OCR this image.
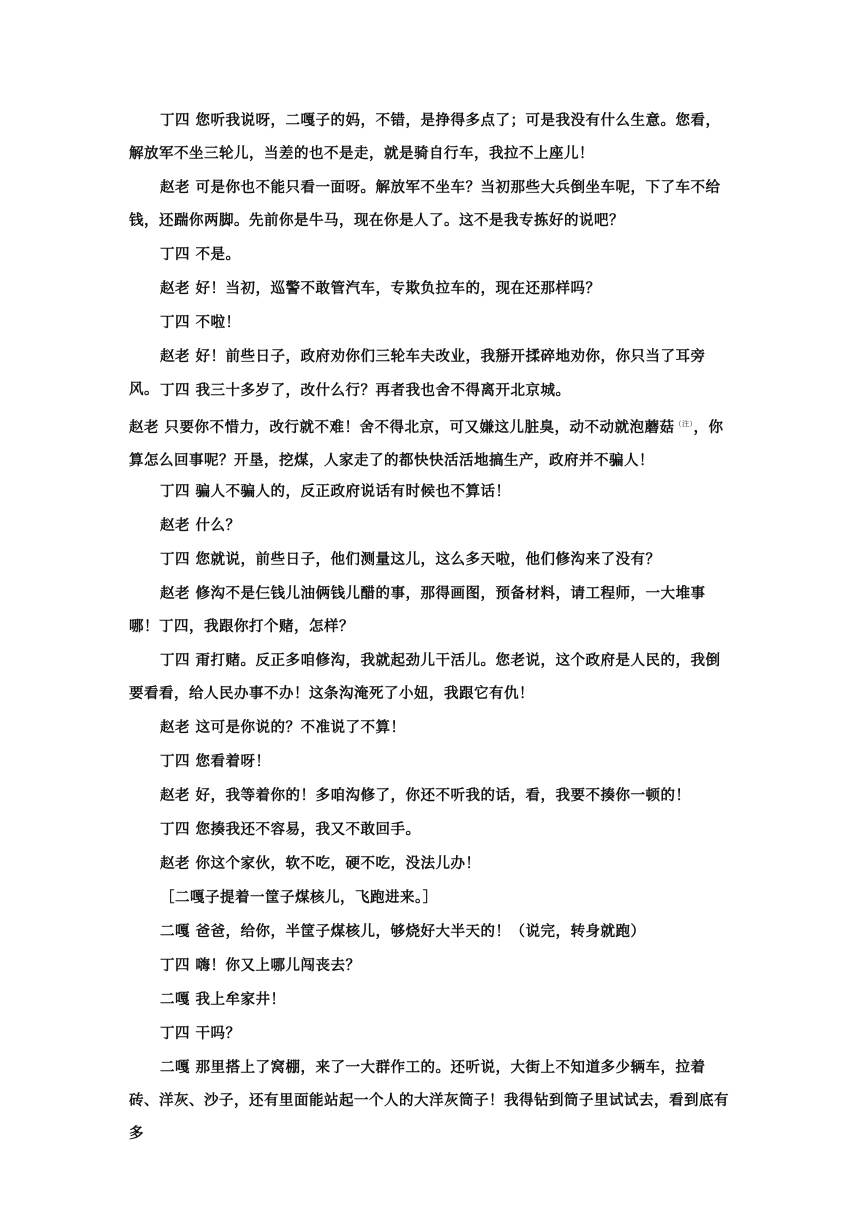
丁四 您听我说呀，二嘎子的妈，不错，是挣得多点了；可是我没有什么生意。您看，解放军不坐三轮儿，当差的也不是走，就是骑自行车，我拉不上座儿！

赵老 可是你也不能只看一面呀。解放军不坐车？当初那些大兵倒坐车呢，下了车不给钱，还踹你两脚。先前你是牛马，现在你是人了。这不是我专拣好的说吧？

丁四 不是。

赵老 好！当初，巡警不敢管汽车，专欺负拉车的，现在还那样吗？

丁四 不啦！

赵老 好！前些日子，政府劝你们三轮车夫改业，我掰开揉碎地劝你，你只当了耳旁风。 丁四 我三十多岁了，改什么行？再者我也舍不得离开北京城。

赵老 只要你不惜力，改行就不难！舍不得北京，可又嫌这儿脏臭，动不动就泡蘑菇$^{(注)}$，你算怎么回事呢？开垦，挖煤，人家走了的都快快活活地搞生产，政府并不骗人！

丁四 骗人不骗人的，反正政府说话有时候也不算话！

赵老 什么？

丁四 您就说，前些日子，他们测量这儿，这么多天啦，他们修沟来了没有？

赵老 修沟不是仨钱儿油俩钱儿醋的事，那得画图，预备材料，请工程师，一大堆事哪！丁四，我跟你打个赌，怎样？

丁四 甭打赌。反正多咱修沟，我就起劲儿干活儿。您老说，这个政府是人民的，我倒要看看，给人民办事不办！这条沟淹死了小妞，我跟它有仇！

赵老 这可是你说的？不准说了不算！

丁四 您看着呀！

赵老 好，我等着你的！多咱沟修了，你还不听我的话，看，我要不揍你一顿的！

丁四 您揍我还不容易，我又不敢回手。

赵老 你这个家伙，软不吃，硬不吃，没法儿办！

［二嘎子提着一筐子煤核儿，飞跑进来。］

二嘎 爸爸，给你，半筐子煤核儿，够烧好大半天的！（说完，转身就跑）

丁四 嗨！你又上哪儿闯丧去？

二嘎 我上牟家井！

丁四 干吗？

二嘎 那里搭上了窝棚，来了一大群作工的。还听说，大街上不知道多少辆车，拉着砖、洋灰、沙子，还有里面能站起一个人的大洋灰筒子！我得钻到筒子里试试去，看到底有多
